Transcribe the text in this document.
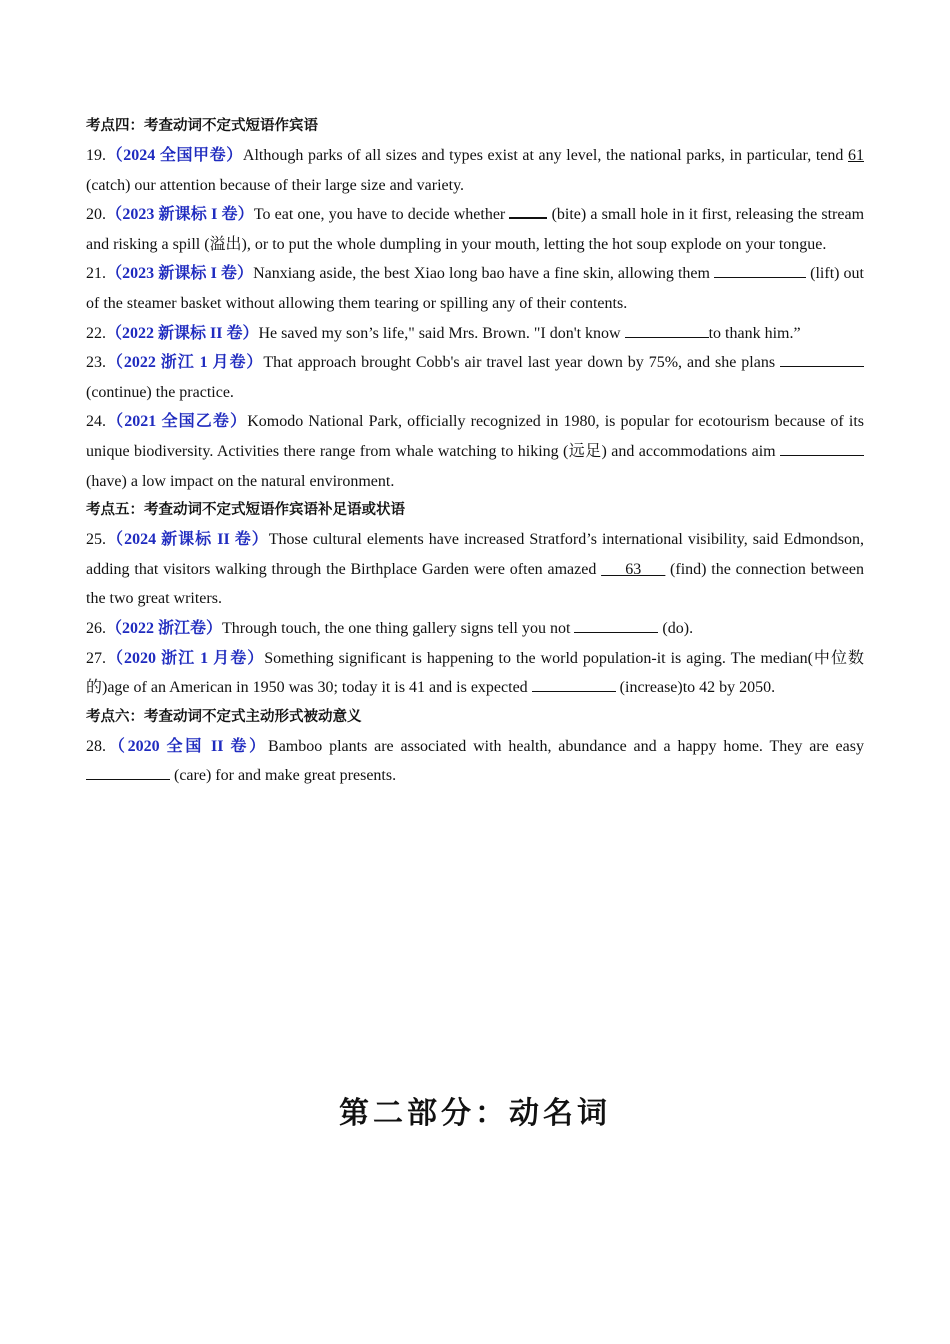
考点四：考查动词不定式短语作宾语

19.（2024 全国甲卷）Although parks of all sizes and types exist at any level, the national parks, in particular, tend 61 (catch) our attention because of their large size and variety.

20.（2023 新课标 I 卷）To eat one, you have to decide whether  (bite) a small hole in it first, releasing the stream and risking a spill (溢出), or to put the whole dumpling in your mouth, letting the hot soup explode on your tongue.

21.（2023 新课标 I 卷）Nanxiang aside, the best Xiao long bao have a fine skin, allowing them	(lift) out of the steamer basket without allowing them tearing or spilling any of their contents.

22.（2022 新课标 II 卷）He saved my son’s life," said Mrs. Brown. "I don't know	to thank him.”

23.（2022 浙江 1 月卷）That approach brought Cobb's air travel last year down by 75%, and she plans  (continue) the practice.

24.（2021 全国乙卷）Komodo National Park, officially recognized in 1980, is popular for ecotourism because of its unique biodiversity. Activities there range from whale watching to hiking (远足) and accommodations aim  (have) a low impact on the natural environment.

考点五：考查动词不定式短语作宾语补足语或状语

25.（2024 新课标 II 卷）Those cultural elements have increased Stratford’s international visibility, said Edmondson, adding that visitors walking through the Birthplace Garden were often amazed ___63___ (find) the connection between the two great writers.

26.（2022 浙江卷）Through touch, the one thing gallery signs tell you not	(do).

27.（2020 浙江 1 月卷）Something significant is happening to the world population-it is aging. The median(中位数的)age of an American in 1950 was 30; today it is 41 and is expected	(increase)to 42 by 2050.

考点六：考查动词不定式主动形式被动意义

28.（2020 全国 II 卷）Bamboo plants are associated with health, abundance and a happy home. They are easy (care) for and make great presents.

第二部分：动名词
